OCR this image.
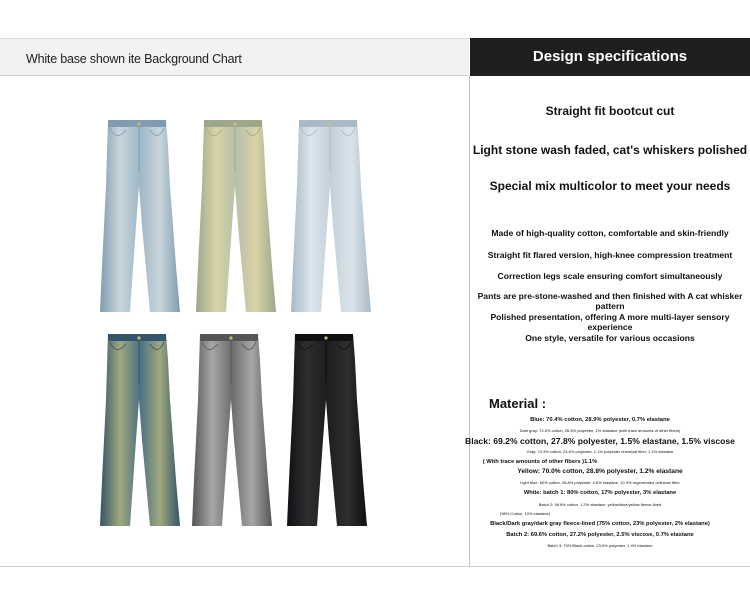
White base shown ite Background Chart	Design specifications
Straight fit bootcut cut
Light stone wash faded, cat's whiskers polished
Special mix multicolor to meet your needs
Made of high-quality cotton, comfortable and skin-friendly
Straight fit flared version, high-knee compression treatment
Correction legs scale ensuring comfort simultaneously
Pants are pre-stone-washed and then finished with A cat whisker pattern
Polished presentation, offering A more multi-layer sensory experience
One style, versatile for various occasions
Material :
Blue: 70.4% cotton, 28.9% polyester, 0.7% elastane
Dark gray: 72.5% cotton, 26.5% polyester, 1% elastane (with trace amounts of other fibers)
Black: 69.2% cotton, 27.8% polyester, 1.5% elastane, 1.5% viscose
Gray: 74.3% cotton, 24.6% polyester, 1.1% polyester chemical fiber, 1.1% elastane
( With trace amounts of other fibers )1.1%
Yellow: 70.0% cotton, 28.8% polyester, 1.2% elastane
Light blue: 60% cotton, 28.8% polyester, 0.6% elastane, 10.3% regenerated cellulose fiber
White: batch 1: 80% cotton, 17% polyester, 3% elastane
Batch 2: 98.8% cotton, 1.2% elastane, yellow/blue/yellow fleece-lined
(98% Cotton, 10% elastane)
Black/Dark gray/dark gray fleece-lined (75% cotton, 23% polyester, 2% elastane)
Batch 2: 69.6% cotton, 27.2% polyester, 2.5% viscose, 0.7% elastane
Batch 3: 75% Black cotton, 23.0% polyester, 1.4% elastane
